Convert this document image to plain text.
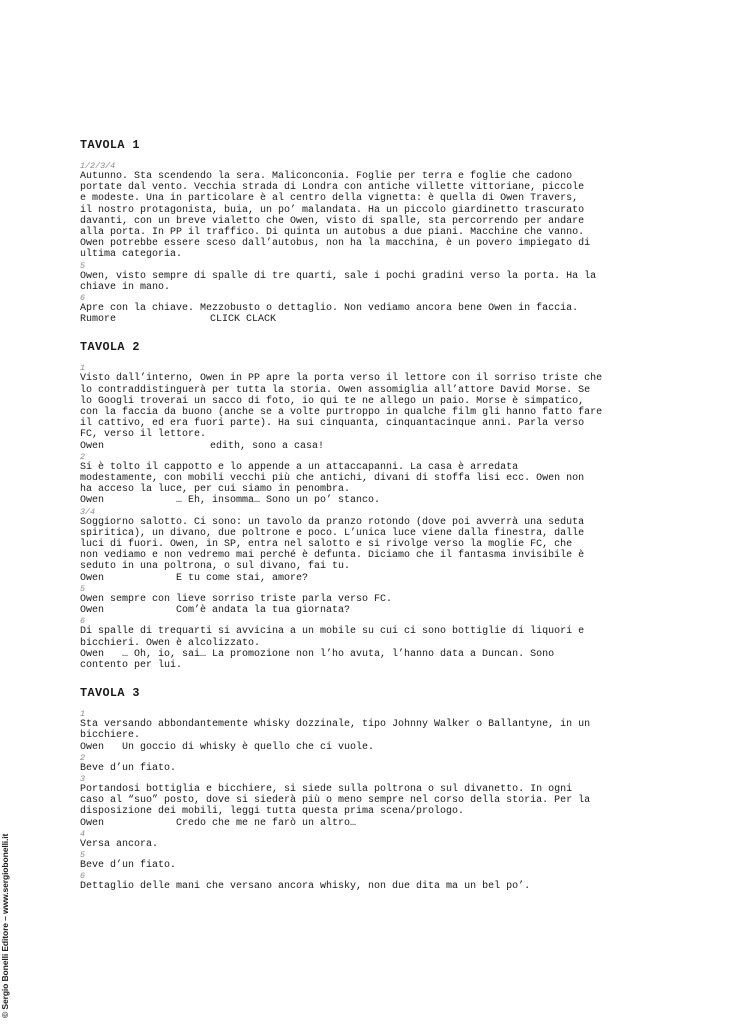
© Sergio Bonelli Editore – www.sergiobonelli.it
TAVOLA 1
1/2/3/4

Autunno. Sta scendendo la sera. Maliconconia. Foglie per terra e foglie che cadono
portate dal vento. Vecchia strada di Londra con antiche villette vittoriane, piccole
e modeste. Una in particolare è al centro della vignetta: è quella di Owen Travers,
il nostro protagonista, buia, un po’ malandata. Ha un piccolo giardinetto trascurato
davanti, con un breve vialetto che Owen, visto di spalle, sta percorrendo per andare
alla porta. In PP il traffico. Di quinta un autobus a due piani. Macchine che vanno.
Owen potrebbe essere sceso dall’autobus, non ha la macchina, è un povero impiegato di
ultima categoria.

5

Owen, visto sempre di spalle di tre quarti, sale i pochi gradini verso la porta. Ha la
chiave in mano.

6

Apre con la chiave. Mezzobusto o dettaglio. Non vediamo ancora bene Owen in faccia.

Rumore	CLICK CLACK
TAVOLA 2
1

Visto dall’interno, Owen in PP apre la porta verso il lettore con il sorriso triste che
lo contraddistinguerà per tutta la storia. Owen assomiglia all’attore David Morse. Se
lo Googli troverai un sacco di foto, io qui te ne allego un paio. Morse è simpatico,
con la faccia da buono (anche se a volte purtroppo in qualche film gli hanno fatto fare
il cattivo, ed era fuori parte). Ha sui cinquanta, cinquantacinque anni. Parla verso
FC, verso il lettore.

Owen	edith, sono a casa!
2

Si è tolto il cappotto e lo appende a un attaccapanni. La casa è arredata
modestamente, con mobili vecchi più che antichi, divani di stoffa lisi ecc. Owen non
ha acceso la luce, per cui siamo in penombra.

Owen	… Eh, insomma… Sono un po’ stanco.
3/4

Soggiorno salotto. Ci sono: un tavolo da pranzo rotondo (dove poi avverrà una seduta
spiritica), un divano, due poltrone e poco. L’unica luce viene dalla finestra, dalle
luci di fuori. Owen, in SP, entra nel salotto e si rivolge verso la moglie FC, che
non vediamo e non vedremo mai perché è defunta. Diciamo che il fantasma invisibile è
seduto in una poltrona, o sul divano, fai tu.

Owen	E tu come stai, amore?
5

Owen sempre con lieve sorriso triste parla verso FC.

Owen	Com’è andata la tua giornata?
6

Di spalle di trequarti si avvicina a un mobile su cui ci sono bottiglie di liquori e
bicchieri. Owen è alcolizzato.

Owen … Oh, io, sai… La promozione non l’ho avuta, l’hanno data a Duncan. Sono
contento per lui.
TAVOLA 3
1

Sta versando abbondantemente whisky dozzinale, tipo Johnny Walker o Ballantyne, in un
bicchiere.

Owen Un goccio di whisky è quello che ci vuole.
2

Beve d’un fiato.

3

Portandosi bottiglia e bicchiere, si siede sulla poltrona o sul divanetto. In ogni
caso al “suo” posto, dove si siederà più o meno sempre nel corso della storia. Per la
disposizione dei mobili, leggi tutta questa prima scena/prologo.

Owen	Credo che me ne farò un altro…
4

Versa ancora.

5

Beve d’un fiato.

6

Dettaglio delle mani che versano ancora whisky, non due dita ma un bel po’.
